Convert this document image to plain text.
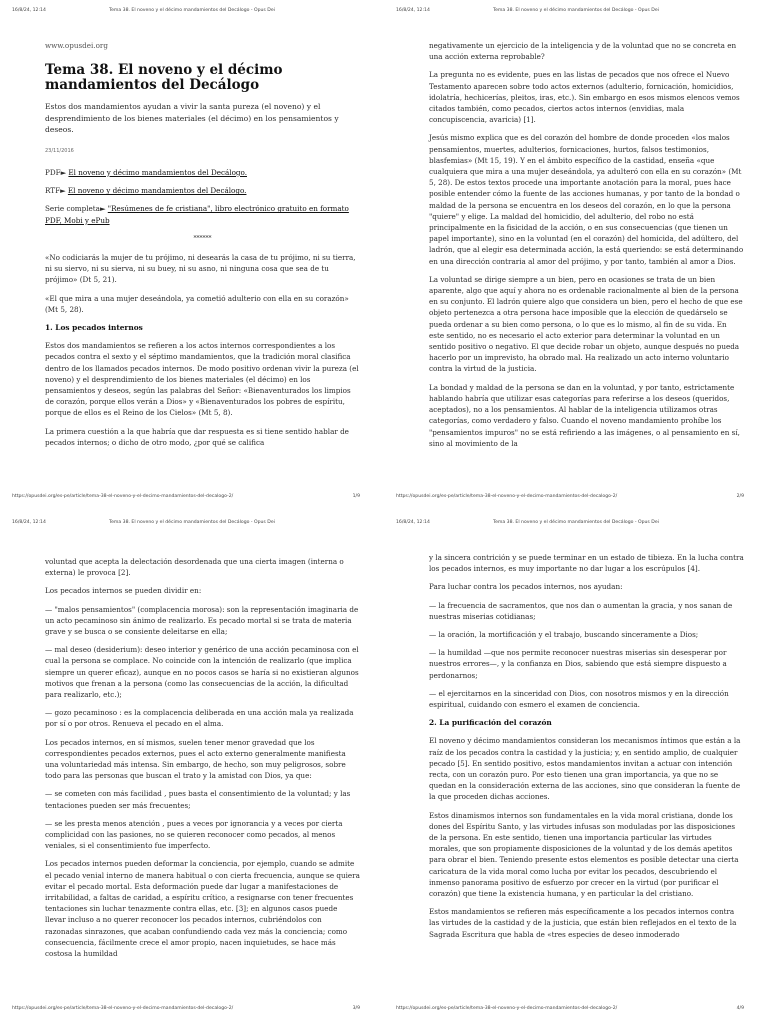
16/8/24, 12:14	Tema 38. El noveno y el décimo mandamientos del Decálogo - Opus Dei
www.opusdei.org
Tema 38. El noveno y el décimo mandamientos del Decálogo

Estos dos mandamientos ayudan a vivir la santa pureza (el noveno) y el desprendimiento de los bienes materiales (el décimo) en los pensamientos y deseos.

23/11/2016

PDF► El noveno y décimo mandamientos del Decálogo.

RTF► El noveno y décimo mandamientos del Decálogo.

Serie completa► "Resúmenes de fe cristiana", libro electrónico gratuito en formato PDF, Mobi y ePub

******

«No codiciarás la mujer de tu prójimo, ni desearás la casa de tu prójimo, ni su tierra, ni su siervo, ni su sierva, ni su buey, ni su asno, ni ninguna cosa que sea de tu prójimo» (Dt 5, 21).

«El que mira a una mujer deseándola, ya cometió adulterio con ella en su corazón» (Mt 5, 28).

1. Los pecados internos

Estos dos mandamientos se refieren a los actos internos correspondientes a los pecados contra el sexto y el séptimo mandamientos, que la tradición moral clasifica dentro de los llamados pecados internos. De modo positivo ordenan vivir la pureza (el noveno) y el desprendimiento de los bienes materiales (el décimo) en los pensamientos y deseos, según las palabras del Señor: «Bienaventurados los limpios de corazón, porque ellos verán a Dios» y «Bienaventurados los pobres de espíritu, porque de ellos es el Reino de los Cielos» (Mt 5, 8).

La primera cuestión a la que habría que dar respuesta es si tiene sentido hablar de pecados internos; o dicho de otro modo, ¿por qué se califica

https://opusdei.org/es-pe/article/tema-38-el-noveno-y-el-decimo-mandamientos-del-decalogo-2/	1/9
16/8/24, 12:14	Tema 38. El noveno y el décimo mandamientos del Decálogo - Opus Dei

negativamente un ejercicio de la inteligencia y de la voluntad que no se concreta en una acción externa reprobable?

La pregunta no es evidente, pues en las listas de pecados que nos ofrece el Nuevo Testamento aparecen sobre todo actos externos (adulterio, fornicación, homicidios, idolatría, hechicerías, pleitos, iras, etc.). Sin embargo en esos mismos elencos vemos citados también, como pecados, ciertos actos internos (envidias, mala concupiscencia, avaricia) [1].

Jesús mismo explica que es del corazón del hombre de donde proceden «los malos pensamientos, muertes, adulterios, fornicaciones, hurtos, falsos testimonios, blasfemias» (Mt 15, 19). Y en el ámbito específico de la castidad, enseña «que cualquiera que mira a una mujer deseándola, ya adulteró con ella en su corazón» (Mt 5, 28). De estos textos procede una importante anotación para la moral, pues hace posible entender cómo la fuente de las acciones humanas, y por tanto de la bondad o maldad de la persona se encuentra en los deseos del corazón, en lo que la persona "quiere" y elige. La maldad del homicidio, del adulterio, del robo no está principalmente en la fisicidad de la acción, o en sus consecuencias (que tienen un papel importante), sino en la voluntad (en el corazón) del homicida, del adúltero, del ladrón, que al elegir esa determinada acción, la está queriendo: se está determinando en una dirección contraria al amor del prójimo, y por tanto, también al amor a Dios.

La voluntad se dirige siempre a un bien, pero en ocasiones se trata de un bien aparente, algo que aquí y ahora no es ordenable racionalmente al bien de la persona en su conjunto. El ladrón quiere algo que considera un bien, pero el hecho de que ese objeto pertenezca a otra persona hace imposible que la elección de quedárselo se pueda ordenar a su bien como persona, o lo que es lo mismo, al fin de su vida. En este sentido, no es necesario el acto exterior para determinar la voluntad en un sentido positivo o negativo. El que decide robar un objeto, aunque después no pueda hacerlo por un imprevisto, ha obrado mal. Ha realizado un acto interno voluntario contra la virtud de la justicia.

La bondad y maldad de la persona se dan en la voluntad, y por tanto, estrictamente hablando habría que utilizar esas categorías para referirse a los deseos (queridos, aceptados), no a los pensamientos. Al hablar de la inteligencia utilizamos otras categorías, como verdadero y falso. Cuando el noveno mandamiento prohíbe los "pensamientos impuros" no se está refiriendo a las imágenes, o al pensamiento en sí, sino al movimiento de la

https://opusdei.org/es-pe/article/tema-38-el-noveno-y-el-decimo-mandamientos-del-decalogo-2/	2/9
16/8/24, 12:14	Tema 38. El noveno y el décimo mandamientos del Decálogo - Opus Dei

voluntad que acepta la delectación desordenada que una cierta imagen (interna o externa) le provoca [2].

Los pecados internos se pueden dividir en:

— "malos pensamientos" (complacencia morosa): son la representación imaginaria de un acto pecaminoso sin ánimo de realizarlo. Es pecado mortal si se trata de materia grave y se busca o se consiente deleitarse en ella;

— mal deseo (desiderium): deseo interior y genérico de una acción pecaminosa con el cual la persona se complace. No coincide con la intención de realizarlo (que implica siempre un querer eficaz), aunque en no pocos casos se haría si no existieran algunos motivos que frenan a la persona (como las consecuencias de la acción, la dificultad para realizarlo, etc.);

— gozo pecaminoso : es la complacencia deliberada en una acción mala ya realizada por sí o por otros. Renueva el pecado en el alma.

Los pecados internos, en sí mismos, suelen tener menor gravedad que los correspondientes pecados externos, pues el acto externo generalmente manifiesta una voluntariedad más intensa. Sin embargo, de hecho, son muy peligrosos, sobre todo para las personas que buscan el trato y la amistad con Dios, ya que:

— se cometen con más facilidad , pues basta el consentimiento de la voluntad; y las tentaciones pueden ser más frecuentes;

— se les presta menos atención , pues a veces por ignorancia y a veces por cierta complicidad con las pasiones, no se quieren reconocer como pecados, al menos veniales, si el consentimiento fue imperfecto.

Los pecados internos pueden deformar la conciencia, por ejemplo, cuando se admite el pecado venial interno de manera habitual o con cierta frecuencia, aunque se quiera evitar el pecado mortal. Esta deformación puede dar lugar a manifestaciones de irritabilidad, a faltas de caridad, a espíritu crítico, a resignarse con tener frecuentes tentaciones sin luchar tenazmente contra ellas, etc. [3]; en algunos casos puede llevar incluso a no querer reconocer los pecados internos, cubriéndolos con razonadas sinrazones, que acaban confundiendo cada vez más la conciencia; como consecuencia, fácilmente crece el amor propio, nacen inquietudes, se hace más costosa la humildad

https://opusdei.org/es-pe/article/tema-38-el-noveno-y-el-decimo-mandamientos-del-decalogo-2/	3/9
16/8/24, 12:14	Tema 38. El noveno y el décimo mandamientos del Decálogo - Opus Dei

y la sincera contrición y se puede terminar en un estado de tibieza. En la lucha contra los pecados internos, es muy importante no dar lugar a los escrúpulos [4].

Para luchar contra los pecados internos, nos ayudan:

— la frecuencia de sacramentos, que nos dan o aumentan la gracia, y nos sanan de nuestras miserias cotidianas;

— la oración, la mortificación y el trabajo, buscando sinceramente a Dios;

— la humildad —que nos permite reconocer nuestras miserias sin desesperar por nuestros errores—, y la confianza en Dios, sabiendo que está siempre dispuesto a perdonarnos;

— el ejercitarnos en la sinceridad con Dios, con nosotros mismos y en la dirección espiritual, cuidando con esmero el examen de conciencia.

2. La purificación del corazón

El noveno y décimo mandamientos consideran los mecanismos íntimos que están a la raíz de los pecados contra la castidad y la justicia; y, en sentido amplio, de cualquier pecado [5]. En sentido positivo, estos mandamientos invitan a actuar con intención recta, con un corazón puro. Por esto tienen una gran importancia, ya que no se quedan en la consideración externa de las acciones, sino que consideran la fuente de la que proceden dichas acciones.

Estos dinamismos internos son fundamentales en la vida moral cristiana, donde los dones del Espíritu Santo, y las virtudes infusas son moduladas por las disposiciones de la persona. En este sentido, tienen una importancia particular las virtudes morales, que son propiamente disposiciones de la voluntad y de los demás apetitos para obrar el bien. Teniendo presente estos elementos es posible detectar una cierta caricatura de la vida moral como lucha por evitar los pecados, descubriendo el inmenso panorama positivo de esfuerzo por crecer en la virtud (por purificar el corazón) que tiene la existencia humana, y en particular la del cristiano.

Estos mandamientos se refieren más específicamente a los pecados internos contra las virtudes de la castidad y de la justicia, que están bien reflejados en el texto de la Sagrada Escritura que habla de «tres especies de deseo inmoderado

https://opusdei.org/es-pe/article/tema-38-el-noveno-y-el-decimo-mandamientos-del-decalogo-2/	4/9
